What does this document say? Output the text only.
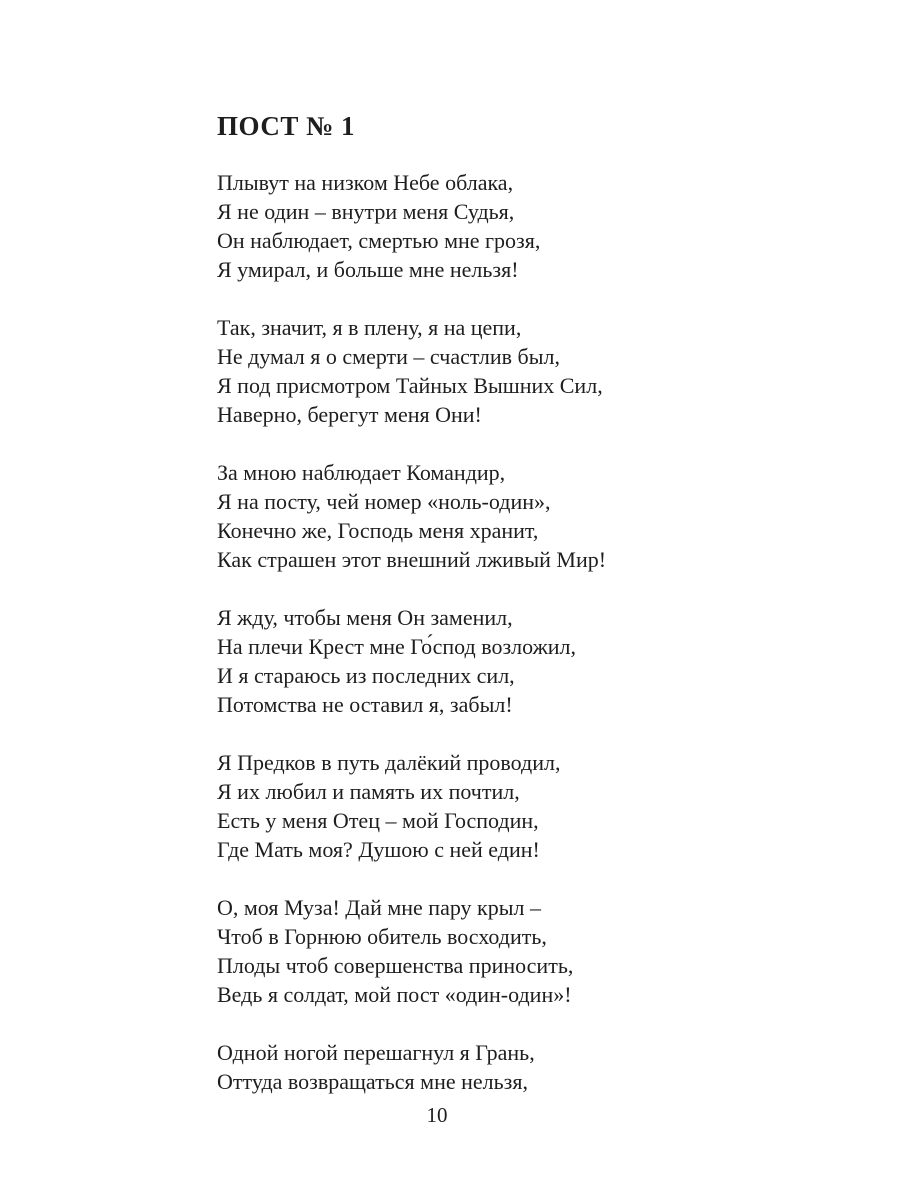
ПОСТ № 1
Плывут на низком Небе облака,
Я не один – внутри меня Судья,
Он наблюдает, смертью мне грозя,
Я умирал, и больше мне нельзя!
Так, значит, я в плену, я на цепи,
Не думал я о смерти – счастлив был,
Я под присмотром Тайных Вышних Сил,
Наверно, берегут меня Они!
За мною наблюдает Командир,
Я на посту, чей номер «ноль-один»,
Конечно же, Господь меня хранит,
Как страшен этот внешний лживый Мир!
Я жду, чтобы меня Он заменил,
На плечи Крест мне Го́спод возложил,
И я стараюсь из последних сил,
Потомства не оставил я, забыл!
Я Предков в путь далёкий проводил,
Я их любил и память их почтил,
Есть у меня Отец – мой Господин,
Где Мать моя? Душою с ней един!
О, моя Муза! Дай мне пару крыл –
Чтоб в Горнюю обитель восходить,
Плоды чтоб совершенства приносить,
Ведь я солдат, мой пост «один-один»!
Одной ногой перешагнул я Грань,
Оттуда возвращаться мне нельзя,
10
